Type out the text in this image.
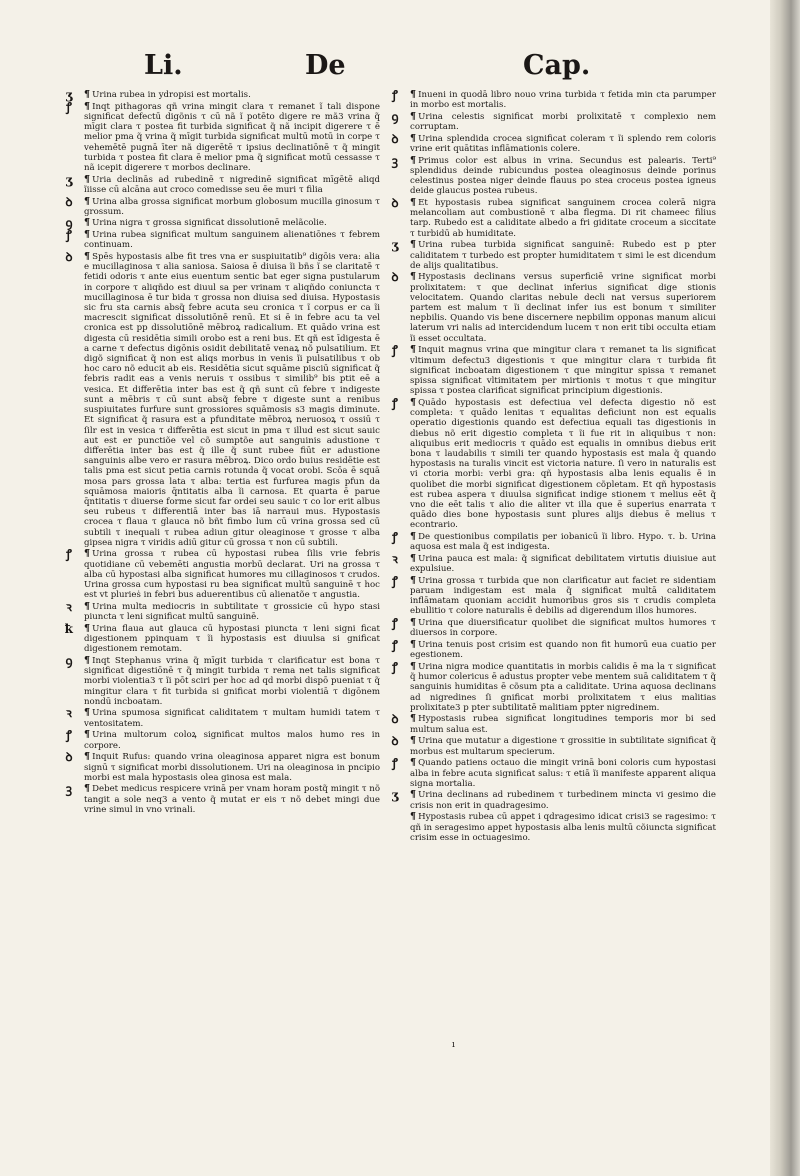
Li.	De	Cap.

ʒ	¶ Urina rubea in ydropisi est mortalis.

ꝭ	¶ Inqt pithagoras qñ vrina mingit clara τ remanet ĩ tali dispone significat defectū digõnis τ cū nã ĩ potēto digere re mã3 vrina q̃ mīgit clara τ postea fit turbida significat q̃ nã incipit digerere τ ē melior pma q̃ vrina q̃ mīgit turbida significat multū motū in corpe τ vehemētē pugnā īter nã digerētē τ ipsius declinatiōnē τ q̃ mingit turbida τ postea fit clara ē melior pma q̃ significat motū cessasse τ nã icepit digerere τ morbos declinare.

ʒ	¶ Uria declinās ad rubedinē τ nigredinē significat mīgētē aliqd ĩiisse cū alcāna aut croco comedisse seu ēe muri τ filia

ꝺ	¶ Urina alba grossa significat morbum globosum mucilla ginosum τ grossum.

ꝯ	¶ Urina nigra τ grossa significat dissolutionē melãcolie.

ꝭ	¶ Urina rubea significat multum sanguinem alienatiōnes τ febrem continuam.

ꝺ	¶ Spēs hypostasis albe fit tres vna er suspiuitatib⁹ digōis vera: alia e mucillaginosa τ alia saniosa. Saiosa ē diuisa ĩi bñs ĩ se claritatē τ fetidi odoris τ ante eius euentum sentic bat eger signa pustularum in corpore τ aliqñdo est diuul sa per vrinam τ aliqñdo coniuncta τ mucillaginosa ē tur bida τ grossa non diuisa sed diuisa. Hypostasis sic fru sta carnis absq̃ febre acuta seu cronica τ ĩ corpus er ca ĩi macrescit significat dissolutiōnē renū. Et si ē in febre acu ta vel cronica est pp dissolutiōnē mēbroꝝ radicalium. Et quādo vrina est digesta cū residētia simili orobo est a reni bus. Et qñ est īdigesta ē a carne τ defectus digōnis osidit debilitatē venaꝝ nõ pulsatilium. Et digõ significat q̃ non est aliqs morbus in venis ĩi pulsatilibus τ ob hoc caro nõ educit ab eis. Residētia sicut squāme pisciū significat q̃ febris radit eas a venis neruis τ ossibus τ similib⁹ bis ptit eē a vesica. Et differētia inter bas est q̃ qñ sunt cū febre τ indigeste sunt a mēbris τ cū sunt absq̃ febre τ digeste sunt a renibus suspiuitates furfure sunt grossiores squāmosis s3 magis diminute. Et significat q̃ rasura est a pfunditate mēbroꝝ neruosoꝝ τ ossiū τ ſilr est in vesica τ differētia est sicut in pma τ illud est sicut sauic aut est er punctiõe vel cõ sumptõe aut sanguinis adustione τ differētia inter bas est q̃ ille q̃ sunt rubee fiūt er adustione sanguinis albe vero er rasura mēbroꝝ. Dico ordo buius residētie est talis pma est sicut petia carnis rotunda q̃ vocat orobi. Scōa ē squā mosa pars grossa lata τ alba: tertia est furfurea magis pfun da squāmosa maioris q̄ntitatis alba ĩi carnosa. Et quarta ē parue q̄ntitatis τ diuerse forme sicut far ordei seu sauic τ co lor erit albus seu rubeus τ differentiā inter bas iā narraui mus. Hypostasis crocea τ flaua τ glauca nõ bñt fimbo lum cū vrina grossa sed cū subtili τ inequali τ rubea adiun gitur oleaginose τ grosse τ alba gipsea nigra τ viridis adiū gitur cū grossa τ non cū subtili.

ꝭ	¶ Urina grossa τ rubea cū hypostasi rubea ſilis vrie febris quotidiane cū vebemēti angustia morbū declarat. Uri na grossa τ alba cū hypostasi alba significat humores mu cillaginosos τ crudos. Urina grossa cum hypostasi ru bea significat multū sanguinē τ hoc est vt plurieṡ in febri bus aduerentibus cū alienatõe τ angustia.

ꝛ	¶ Urina multa mediocris in subtilitate τ grossicie cū hypo stasi piuncta τ leni significat multū sanguinē.

ꝁ ¶ Urina flaua aut glauca cū hypostasi piuncta τ leni signi ficat digestionem ppinquam τ ĩi hypostasis est diuulsa si gnificat digestionem remotam.

ꝯ	¶ Inqt Stephanus vrina q̃ mīgit turbida τ clarificatur est bona τ significat digestiōnē τ q̃ mingit turbida τ rema net talis significat morbi violentia3 τ ĩi pōt sciri per hoc ad qd morbi dispō pueniat τ q̃ mingitur clara τ fit turbida si gnificat morbi violentiā τ digōnem nondū incboatam.

ꝛ	¶ Urina spumosa significat caliditatem τ multam humidi tatem τ ventositatem.

ꝭ	¶ Urina multorum coloꝝ significat multos malos humo res in corpore.

ꝺ	¶ Inquit Rufus: quando vrina oleaginosa apparet nigra est bonum signū τ significat morbi dissolutionem. Uri na oleaginosa in pncipio morbi est mala hypostasis olea ginosa est mala.

ꝫ	¶ Debet medicus respicere vrinā per vnam horam postq̃ mingit τ nõ tangit a sole neq3 a vento q̃ mutat er eis τ nõ debet mingi due vrine simul in vno vrinali.

ꝭ	¶ Inueni in quodā libro nouo vrina turbida τ fetida min cta parumper in morbo est mortalis.

ꝯ	¶ Urina celestis significat morbi prolixitatē τ complexio nem corruptam.

ꝺ	¶ Urina splendida crocea significat coleram τ ĩi splendo rem coloris vrine erit quātitas inflāmationis colere.

ꝫ	¶ Primus color est albus in vrina. Secundus est palearis. Terti⁹ splendidus deinde rubicundus postea oleaginosus deinde porinus celestinus postea niger deinde flauus po stea croceus postea igneus deide glaucus postea rubeus.

ꝺ	¶ Et hypostasis rubea significat sanguinem crocea colerā nigra melancoliam aut combustionē τ alba flegma. Di rit chameec filius tarp. Rubedo est a caliditate albedo a fri giditate croceum a siccitate τ turbidū ab humiditate.

ʒ	¶ Urina rubea turbida significat sanguinē: Rubedo est p pter caliditatem τ turbedo est propter humiditatem τ simi le est dicendum de alijs qualitatibus.

ꝺ	¶ Hypostasis declinans versus superficiē vrine significat morbi prolixitatem: τ que declinat inferius significat dige stionis velocitatem. Quando claritas nebule decli nat versus superiorem partem est malum τ ĩi declinat infer ius est bonum τ similiter nepbilis. Quando vis bene discernere nepbilim opponas manum alicui laterum vri nalis ad intercidendum lucem τ non erit tibi occulta etiam ĩi esset occultata.

ꝭ	¶ Inquit magnus vrina que mingitur clara τ remanet ta lis significat vltimum defectu3 digestionis τ que mingitur clara τ turbida fit significat incboatam digestionem τ que mingitur spissa τ remanet spissa significat vltimitatem per mirtionis τ motus τ que mingitur spissa τ postea clarificat significat principium digestionis.

ꝭ	¶ Quādo hypostasis est defectiua vel defecta digestio nõ est completa: τ quādo lenitas τ equalitas deficiunt non est equalis operatio digestionis quando est defectiua equali tas digestionis in diebus nõ erit digestio completa τ ĩi fue rit in aliquibus τ non: aliquibus erit mediocris τ quādo est equalis in omnibus diebus erit bona τ laudabilis τ simili ter quando hypostasis est mala q̃ quando hypostasis na turalis vincit est victoria nature. ſi vero in naturalis est vi ctoria morbi: verbi gra: qñ hypostasis alba lenis equalis ē in quolibet die morbi significat digestionem cõpletam. Et qñ hypostasis est rubea aspera τ diuulsa significat indige stionem τ melius eēt q̃ vno die eēt talis τ alio die aliter vt illa que ē superius enarrata τ quādo dies bone hypostasis sunt plures alijs diebus ē melius τ econtrario.

ꝭ	¶ De questionibus compilatis per iobanicū ĩi libro. Hypo. τ. b. Urina aquosa est mala q̃ est indigesta.

ꝛ	¶ Urina pauca est mala: q̃ significat debilitatem virtutis diuisiue aut expulsiue.

ꝭ	¶ Urina grossa τ turbida que non clarificatur aut faciet re sidentiam paruam indigestam est mala q̃ significat multā caliditatem inflāmatam quoniam accidit humoribus gros sis τ crudis completa ebullitio τ colore naturalis ē debilis ad digerendum illos humores.

ꝭ	¶ Urina que diuersificatur quolibet die significat multos humores τ diuersos in corpore.

ꝭ	¶ Urina tenuis post crisim est quando non fit humorū eua cuatio per egestionem.

ꝭ	¶ Urina nigra modice quantitatis in morbis calidis ē ma la τ significat q̃ humor colericus ē adustus propter vebe mentem suā caliditatem τ q̃ sanguinis humiditas ē cõsum pta a caliditate. Urina aquosa declinans ad nigredines ſi gnificat morbi prolixitatem τ eius malitias prolixitate3 p pter subtilitatē malitiam ppter nigredinem.

ꝺ	¶ Hypostasis rubea significat longitudines temporis mor bi sed multum salua est.

ꝺ	¶ Urina que mutatur a digestione τ grossitie in subtilitate significat q̃ morbus est multarum specierum.

ꝭ	¶ Quando patiens octauo die mingit vrinā boni coloris cum hypostasi alba in febre acuta significat salus: τ etiā ĩi manifeste apparent aliqua signa mortalia.

ʒ	¶ Urina declinans ad rubedinem τ turbedinem mincta vi gesimo die crisis non erit in quadragesimo.

¶ Hypostasis rubea cū appet i qdragesimo idicat crisi3 se ragesimo: τ qñ in seragesimo appet hypostasis alba lenis multū cõiuncta significat crisim esse in octuagesimo.

ı
